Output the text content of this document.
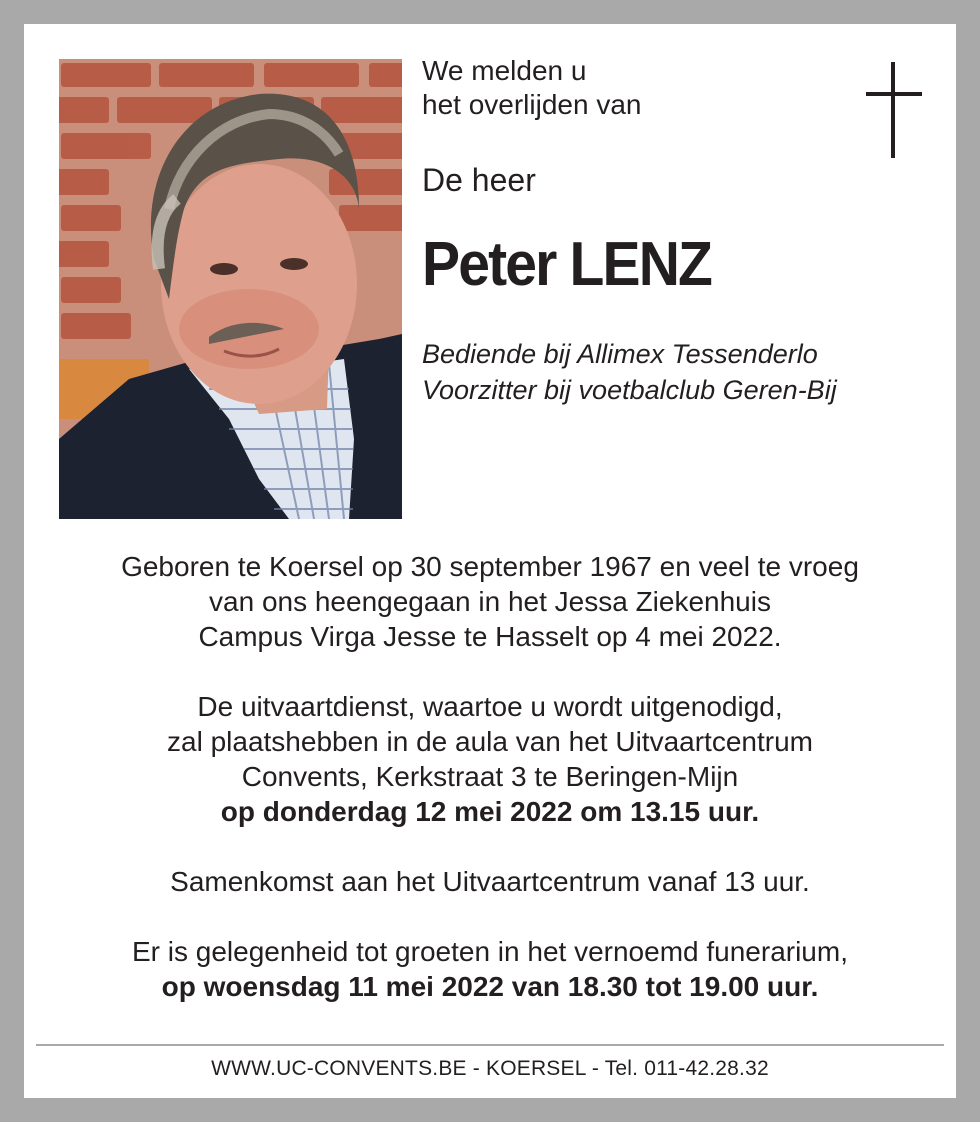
We melden u
het overlijden van
De heer
Peter LENZ
Bediende bij Allimex Tessenderlo
Voorzitter bij voetbalclub Geren-Bij

Geboren te Koersel op 30 september 1967 en veel te vroeg

van ons heengegaan in het Jessa Ziekenhuis

Campus Virga Jesse te Hasselt op 4 mei 2022.

De uitvaartdienst, waartoe u wordt uitgenodigd,

zal plaatshebben in de aula van het Uitvaartcentrum

Convents, Kerkstraat 3 te Beringen-Mijn

op donderdag 12 mei 2022 om 13.15 uur.

Samenkomst aan het Uitvaartcentrum vanaf 13 uur.

Er is gelegenheid tot groeten in het vernoemd funerarium,

op woensdag 11 mei 2022 van 18.30 tot 19.00 uur.

WWW.UC-CONVENTS.BE - KOERSEL - Tel. 011-42.28.32
